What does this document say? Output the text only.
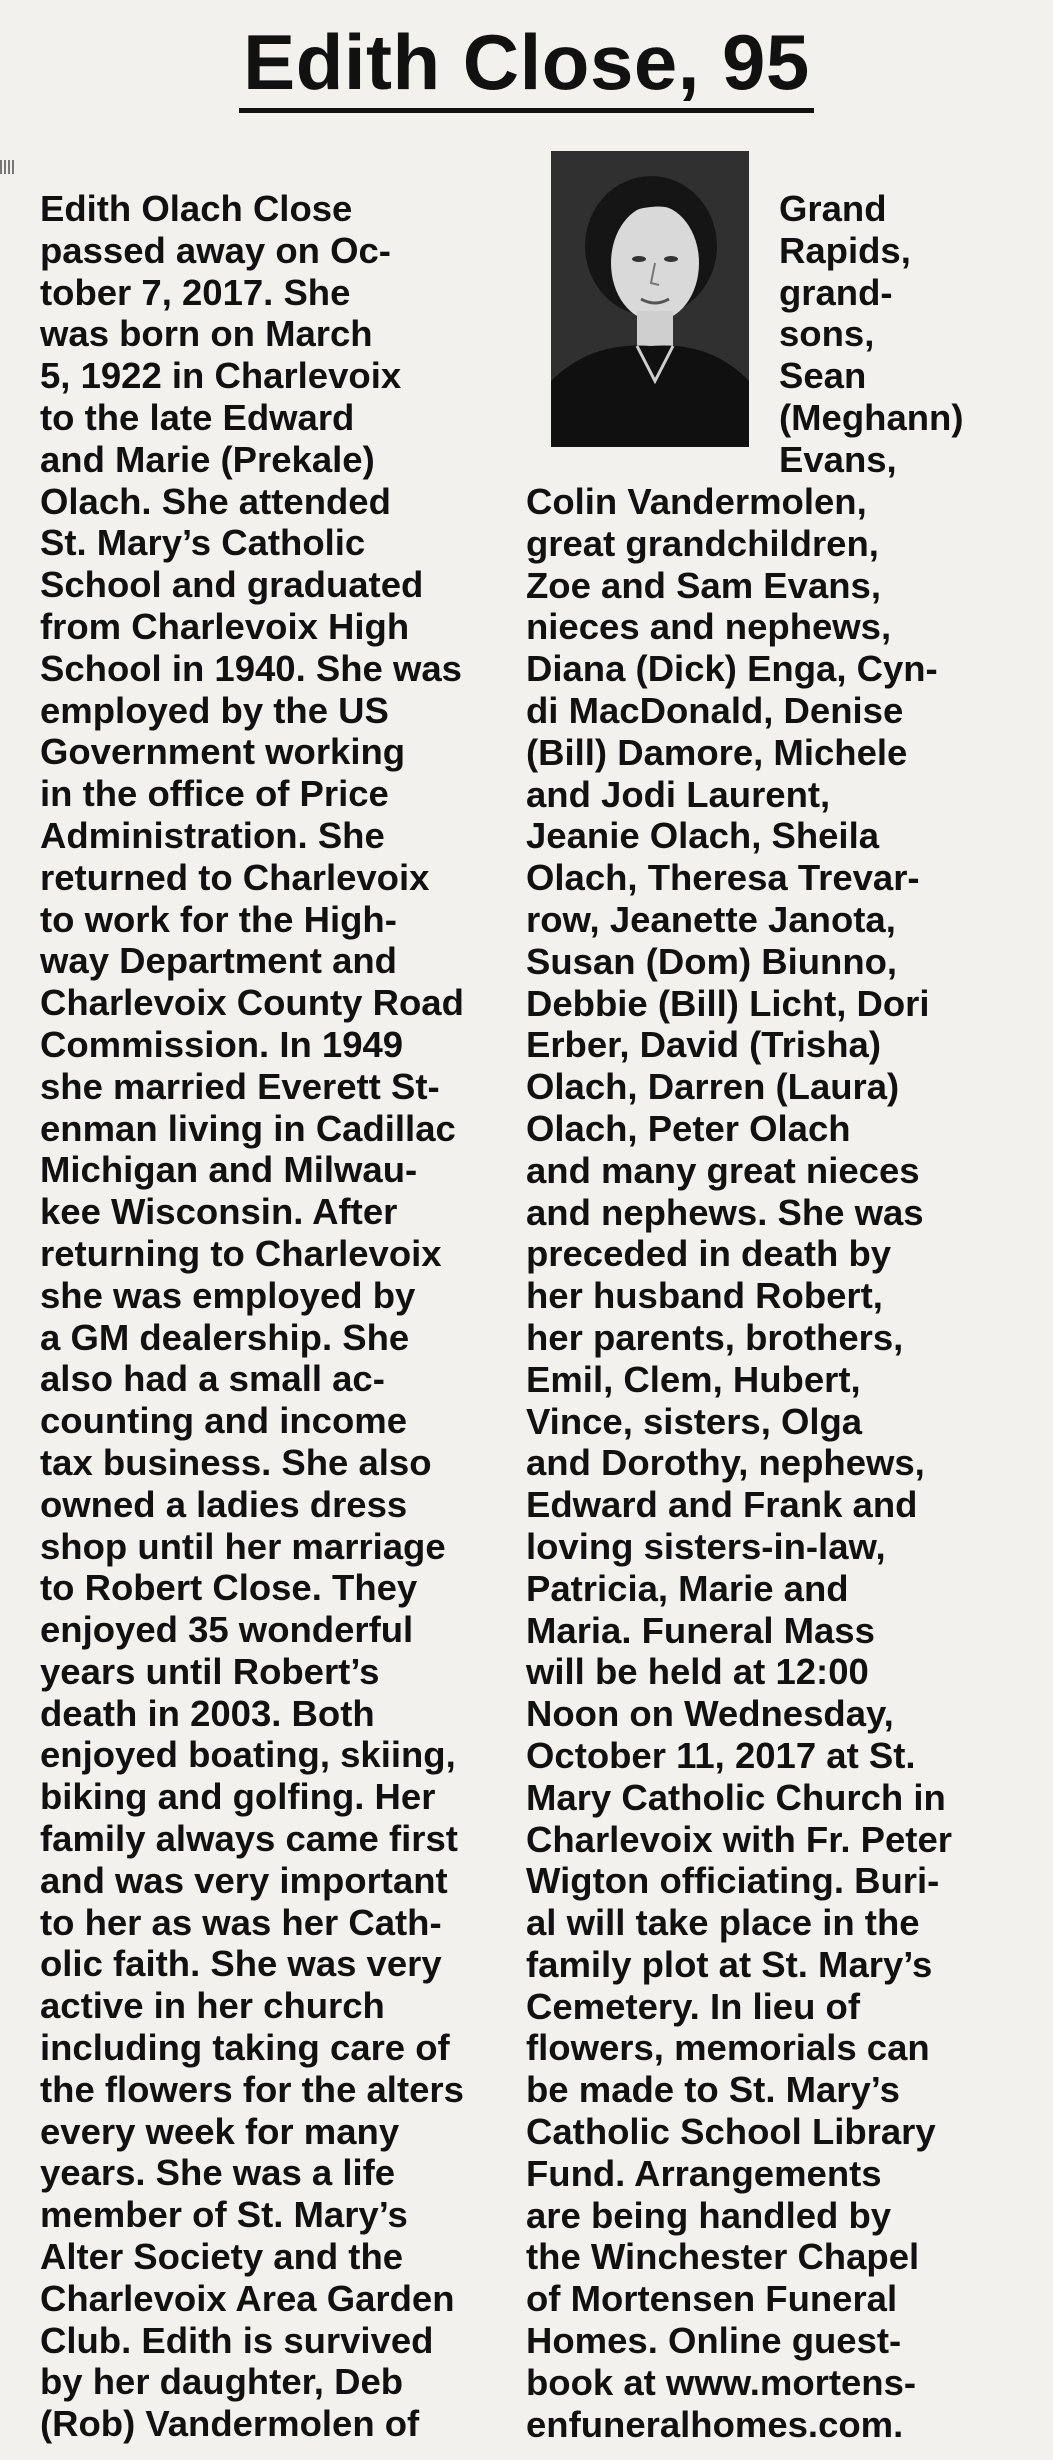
Edith Close, 95
Edith Olach Close
passed away on Oc-
tober 7, 2017. She
was born on March
5, 1922 in Charlevoix
to the late Edward
and Marie (Prekale)
Olach. She attended
St. Mary’s Catholic
School and graduated
from Charlevoix High
School in 1940. She was
employed by the US
Government working
in the office of Price
Administration. She
returned to Charlevoix
to work for the High-
way Department and
Charlevoix County Road
Commission. In 1949
she married Everett St-
enman living in Cadillac
Michigan and Milwau-
kee Wisconsin. After
returning to Charlevoix
she was employed by
a GM dealership. She
also had a small ac-
counting and income
tax business. She also
owned a ladies dress
shop until her marriage
to Robert Close. They
enjoyed 35 wonderful
years until Robert’s
death in 2003. Both
enjoyed boating, skiing,
biking and golfing. Her
family always came first
and was very important
to her as was her Cath-
olic faith. She was very
active in her church
including taking care of
the flowers for the alters
every week for many
years. She was a life
member of St. Mary’s
Alter Society and the
Charlevoix Area Garden
Club. Edith is survived
by her daughter, Deb
(Rob) Vandermolen of
Grand
Rapids,
grand-
sons,
Sean
(Meghann)
Evans,
Colin Vandermolen,
great grandchildren,
Zoe and Sam Evans,
nieces and nephews,
Diana (Dick) Enga, Cyn-
di MacDonald, Denise
(Bill) Damore, Michele
and Jodi Laurent,
Jeanie Olach, Sheila
Olach, Theresa Trevar-
row, Jeanette Janota,
Susan (Dom) Biunno,
Debbie (Bill) Licht, Dori
Erber, David (Trisha)
Olach, Darren (Laura)
Olach, Peter Olach
and many great nieces
and nephews. She was
preceded in death by
her husband Robert,
her parents, brothers,
Emil, Clem, Hubert,
Vince, sisters, Olga
and Dorothy, nephews,
Edward and Frank and
loving sisters-in-law,
Patricia, Marie and
Maria. Funeral Mass
will be held at 12:00
Noon on Wednesday,
October 11, 2017 at St.
Mary Catholic Church in
Charlevoix with Fr. Peter
Wigton officiating. Buri-
al will take place in the
family plot at St. Mary’s
Cemetery. In lieu of
flowers, memorials can
be made to St. Mary’s
Catholic School Library
Fund. Arrangements
are being handled by
the Winchester Chapel
of Mortensen Funeral
Homes. Online guest-
book at www.mortens-
enfuneralhomes.com.
